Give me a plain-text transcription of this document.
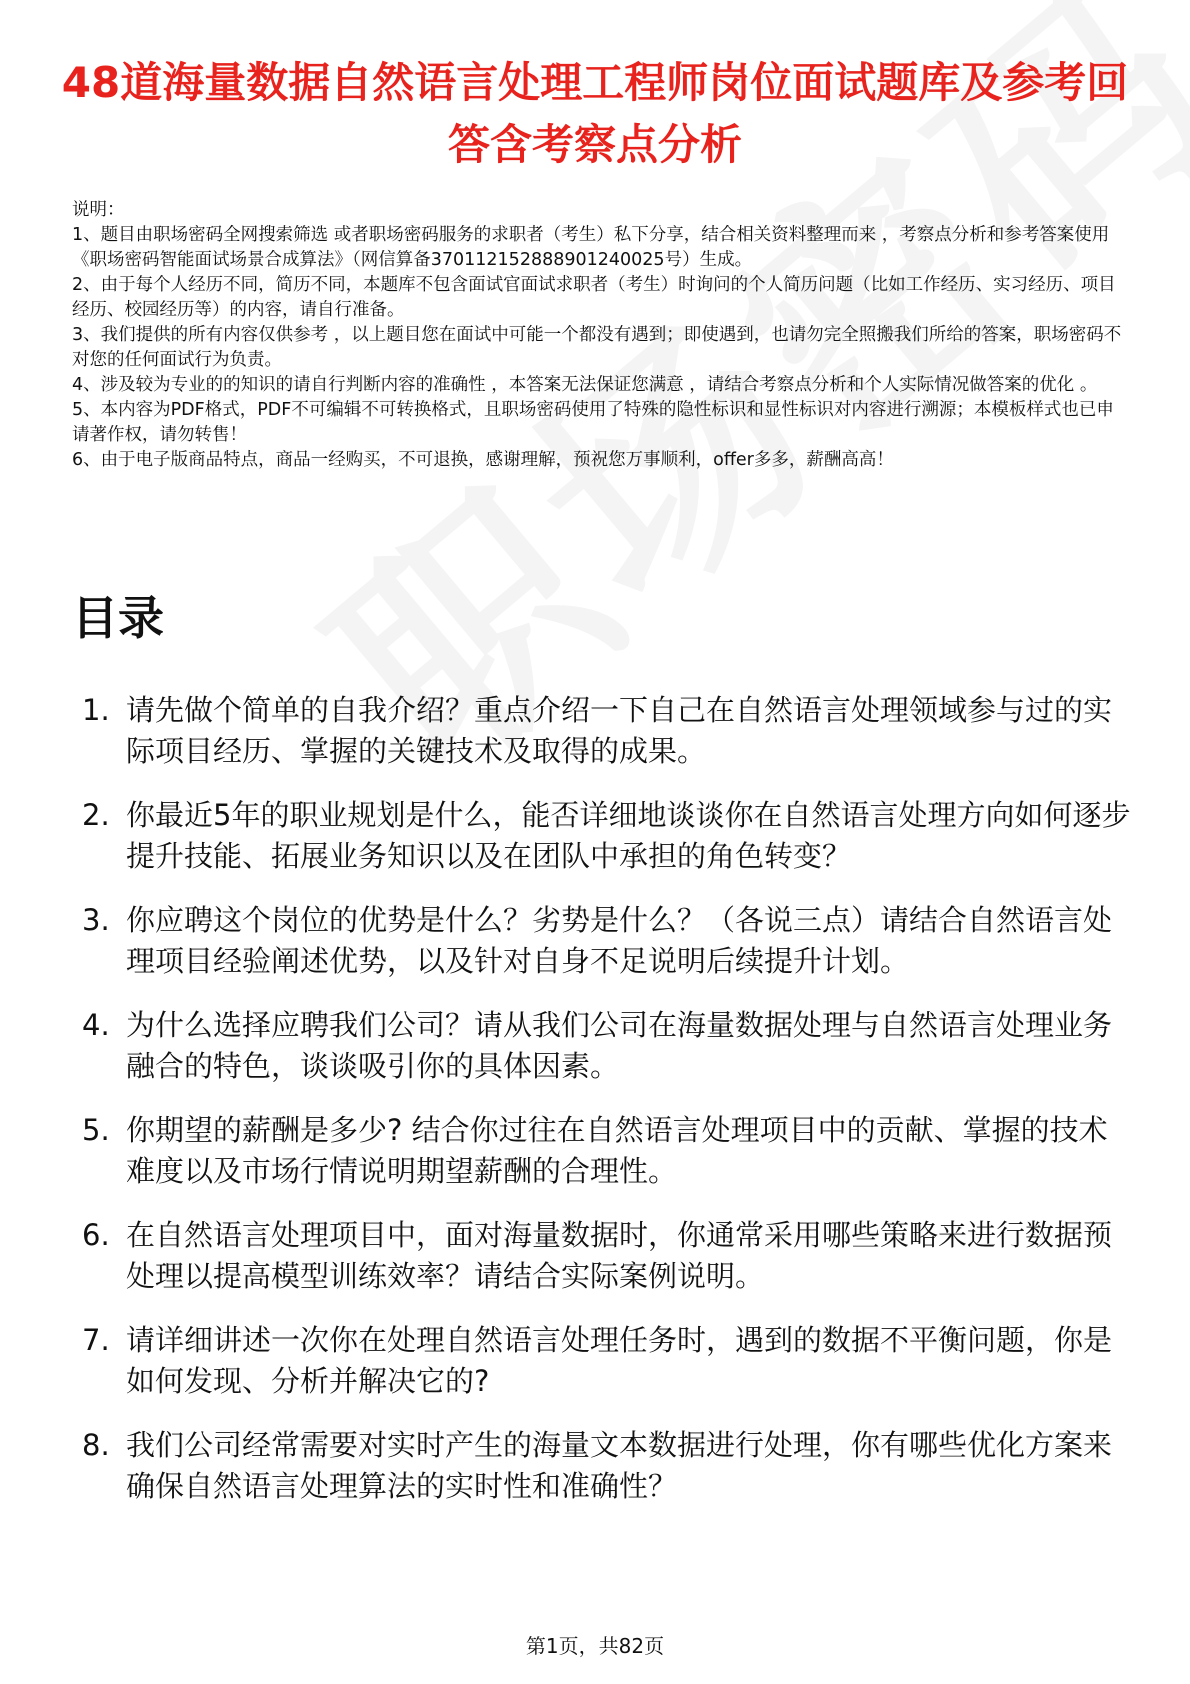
48道海量数据自然语言处理工程师岗位面试题库及参考回答含考察点分析

说明：

1、题目由职场密码全网搜索筛选 或者职场密码服务的求职者（考生）私下分享，结合相关资料整理而来 ，考察点分析和参考答案使用《职场密码智能面试场景合成算法》（网信算备370112152888901240025号）生成。

2、由于每个人经历不同，简历不同，本题库不包含面试官面试求职者（考生）时询问的个人简历问题（比如工作经历、实习经历、项目经历、校园经历等）的内容，请自行准备。

3、我们提供的所有内容仅供参考 ，以上题目您在面试中可能一个都没有遇到；即使遇到，也请勿完全照搬我们所给的答案，职场密码不对您的任何面试行为负责。

4、涉及较为专业的的知识的请自行判断内容的准确性 ，本答案无法保证您满意 ，请结合考察点分析和个人实际情况做答案的优化 。

5、本内容为PDF格式，PDF不可编辑不可转换格式，且职场密码使用了特殊的隐性标识和显性标识对内容进行溯源；本模板样式也已申请著作权，请勿转售！

6、由于电子版商品特点，商品一经购买，不可退换，感谢理解，预祝您万事顺利，offer多多，薪酬高高！

目录
1. 请先做个简单的自我介绍？重点介绍一下自己在自然语言处理领域参与过的实际项目经历、掌握的关键技术及取得的成果。
2. 你最近5年的职业规划是什么，能否详细地谈谈你在自然语言处理方向如何逐步提升技能、拓展业务知识以及在团队中承担的角色转变？
3. 你应聘这个岗位的优势是什么？劣势是什么？（各说三点）请结合自然语言处理项目经验阐述优势，以及针对自身不足说明后续提升计划。
4. 为什么选择应聘我们公司？请从我们公司在海量数据处理与自然语言处理业务融合的特色，谈谈吸引你的具体因素。
5. 你期望的薪酬是多少? 结合你过往在自然语言处理项目中的贡献、掌握的技术难度以及市场行情说明期望薪酬的合理性。
6. 在自然语言处理项目中，面对海量数据时，你通常采用哪些策略来进行数据预处理以提高模型训练效率？请结合实际案例说明。
7. 请详细讲述一次你在处理自然语言处理任务时，遇到的数据不平衡问题，你是如何发现、分析并解决它的?
8. 我们公司经常需要对实时产生的海量文本数据进行处理，你有哪些优化方案来确保自然语言处理算法的实时性和准确性？
第1页，共82页
